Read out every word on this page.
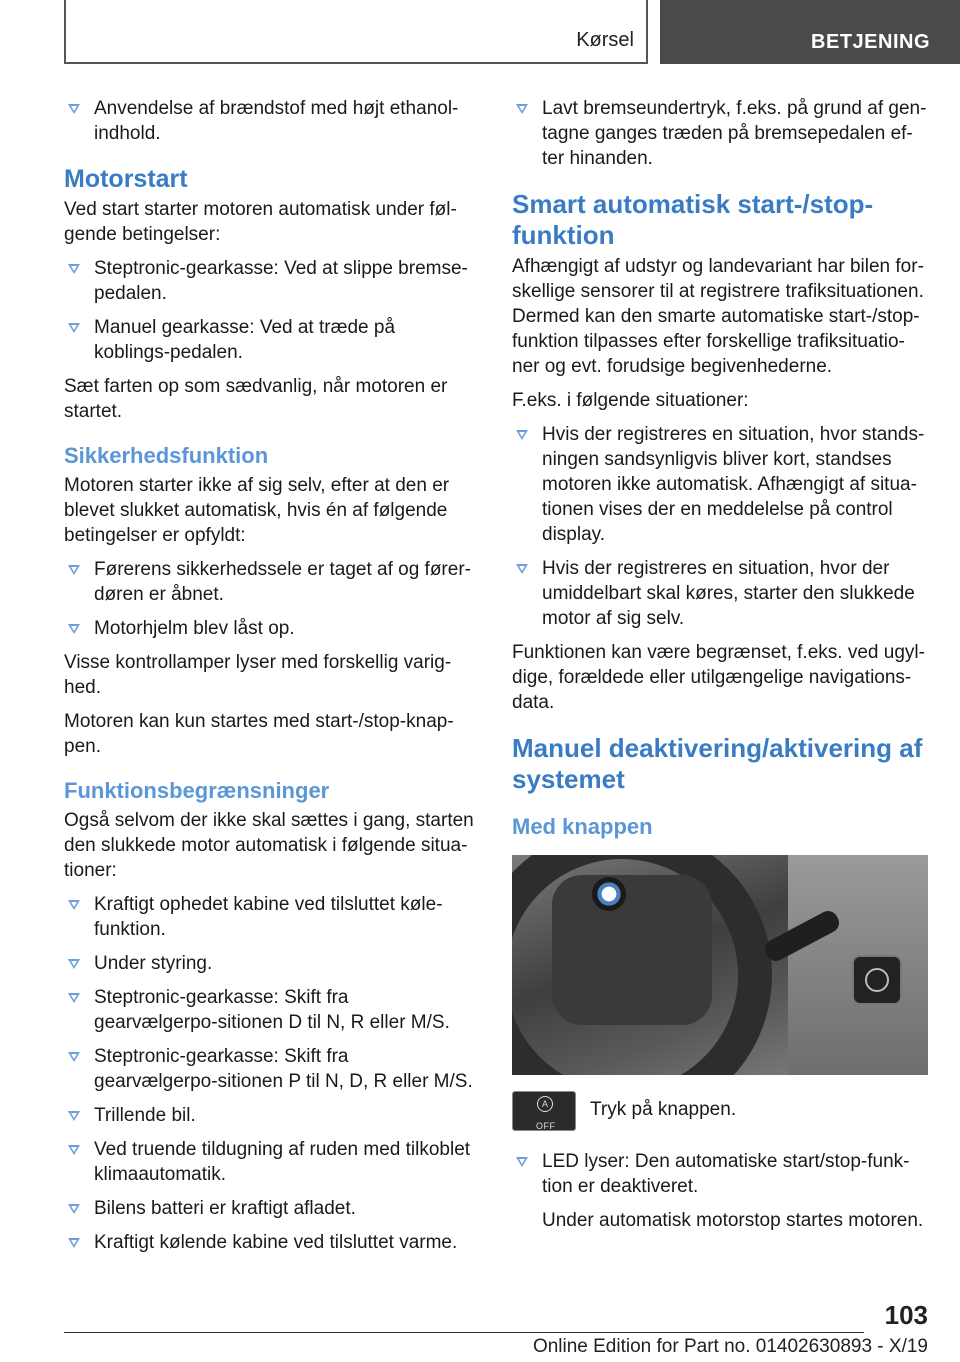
Kørsel	BETJENING
Anvendelse af brændstof med højt ethanol-indhold.
Motorstart

Ved start starter motoren automatisk under føl-gende betingelser:

Steptronic-gearkasse: Ved at slippe bremse-pedalen.
Manuel gearkasse: Ved at træde på koblings-pedalen.

Sæt farten op som sædvanlig, når motoren er startet.

Sikkerhedsfunktion

Motoren starter ikke af sig selv, efter at den er blevet slukket automatisk, hvis én af følgende betingelser er opfyldt:

Førerens sikkerhedssele er taget af og fører-døren er åbnet.
Motorhjelm blev låst op.

Visse kontrollamper lyser med forskellig varig-hed.

Motoren kan kun startes med start-/stop-knap-pen.

Funktionsbegrænsninger

Også selvom der ikke skal sættes i gang, starten den slukkede motor automatisk i følgende situa-tioner:

Kraftigt ophedet kabine ved tilsluttet køle-funktion.
Under styring.
Steptronic-gearkasse: Skift fra gearvælgerpo-sitionen D til N, R eller M/S.
Steptronic-gearkasse: Skift fra gearvælgerpo-sitionen P til N, D, R eller M/S.
Trillende bil.
Ved truende tildugning af ruden med tilkoblet klimaautomatik.
Bilens batteri er kraftigt afladet.
Kraftigt kølende kabine ved tilsluttet varme.
Lavt bremseundertryk, f.eks. på grund af gen-tagne ganges træden på bremsepedalen ef-ter hinanden.
Smart automatisk start-/stop-funktion

Afhængigt af udstyr og landevariant har bilen for-skellige sensorer til at registrere trafiksituationen. Dermed kan den smarte automatiske start-/stop-funktion tilpasses efter forskellige trafiksituatio-ner og evt. forudsige begivenhederne.

F.eks. i følgende situationer:

Hvis der registreres en situation, hvor stands-ningen sandsynligvis bliver kort, standses motoren ikke automatisk. Afhængigt af situa-tionen vises der en meddelelse på control display.
Hvis der registreres en situation, hvor der umiddelbart skal køres, starter den slukkede motor af sig selv.

Funktionen kan være begrænset, f.eks. ved ugyl-dige, forældede eller utilgængelige navigations-data.

Manuel deaktivering/aktivering af systemet
Med knappen
A
OFF
Tryk på knappen.
LED lyser: Den automatiske start/stop-funk-tion er deaktiveret.
Under automatisk motorstop startes motoren.
103
Online Edition for Part no. 01402630893 - X/19
